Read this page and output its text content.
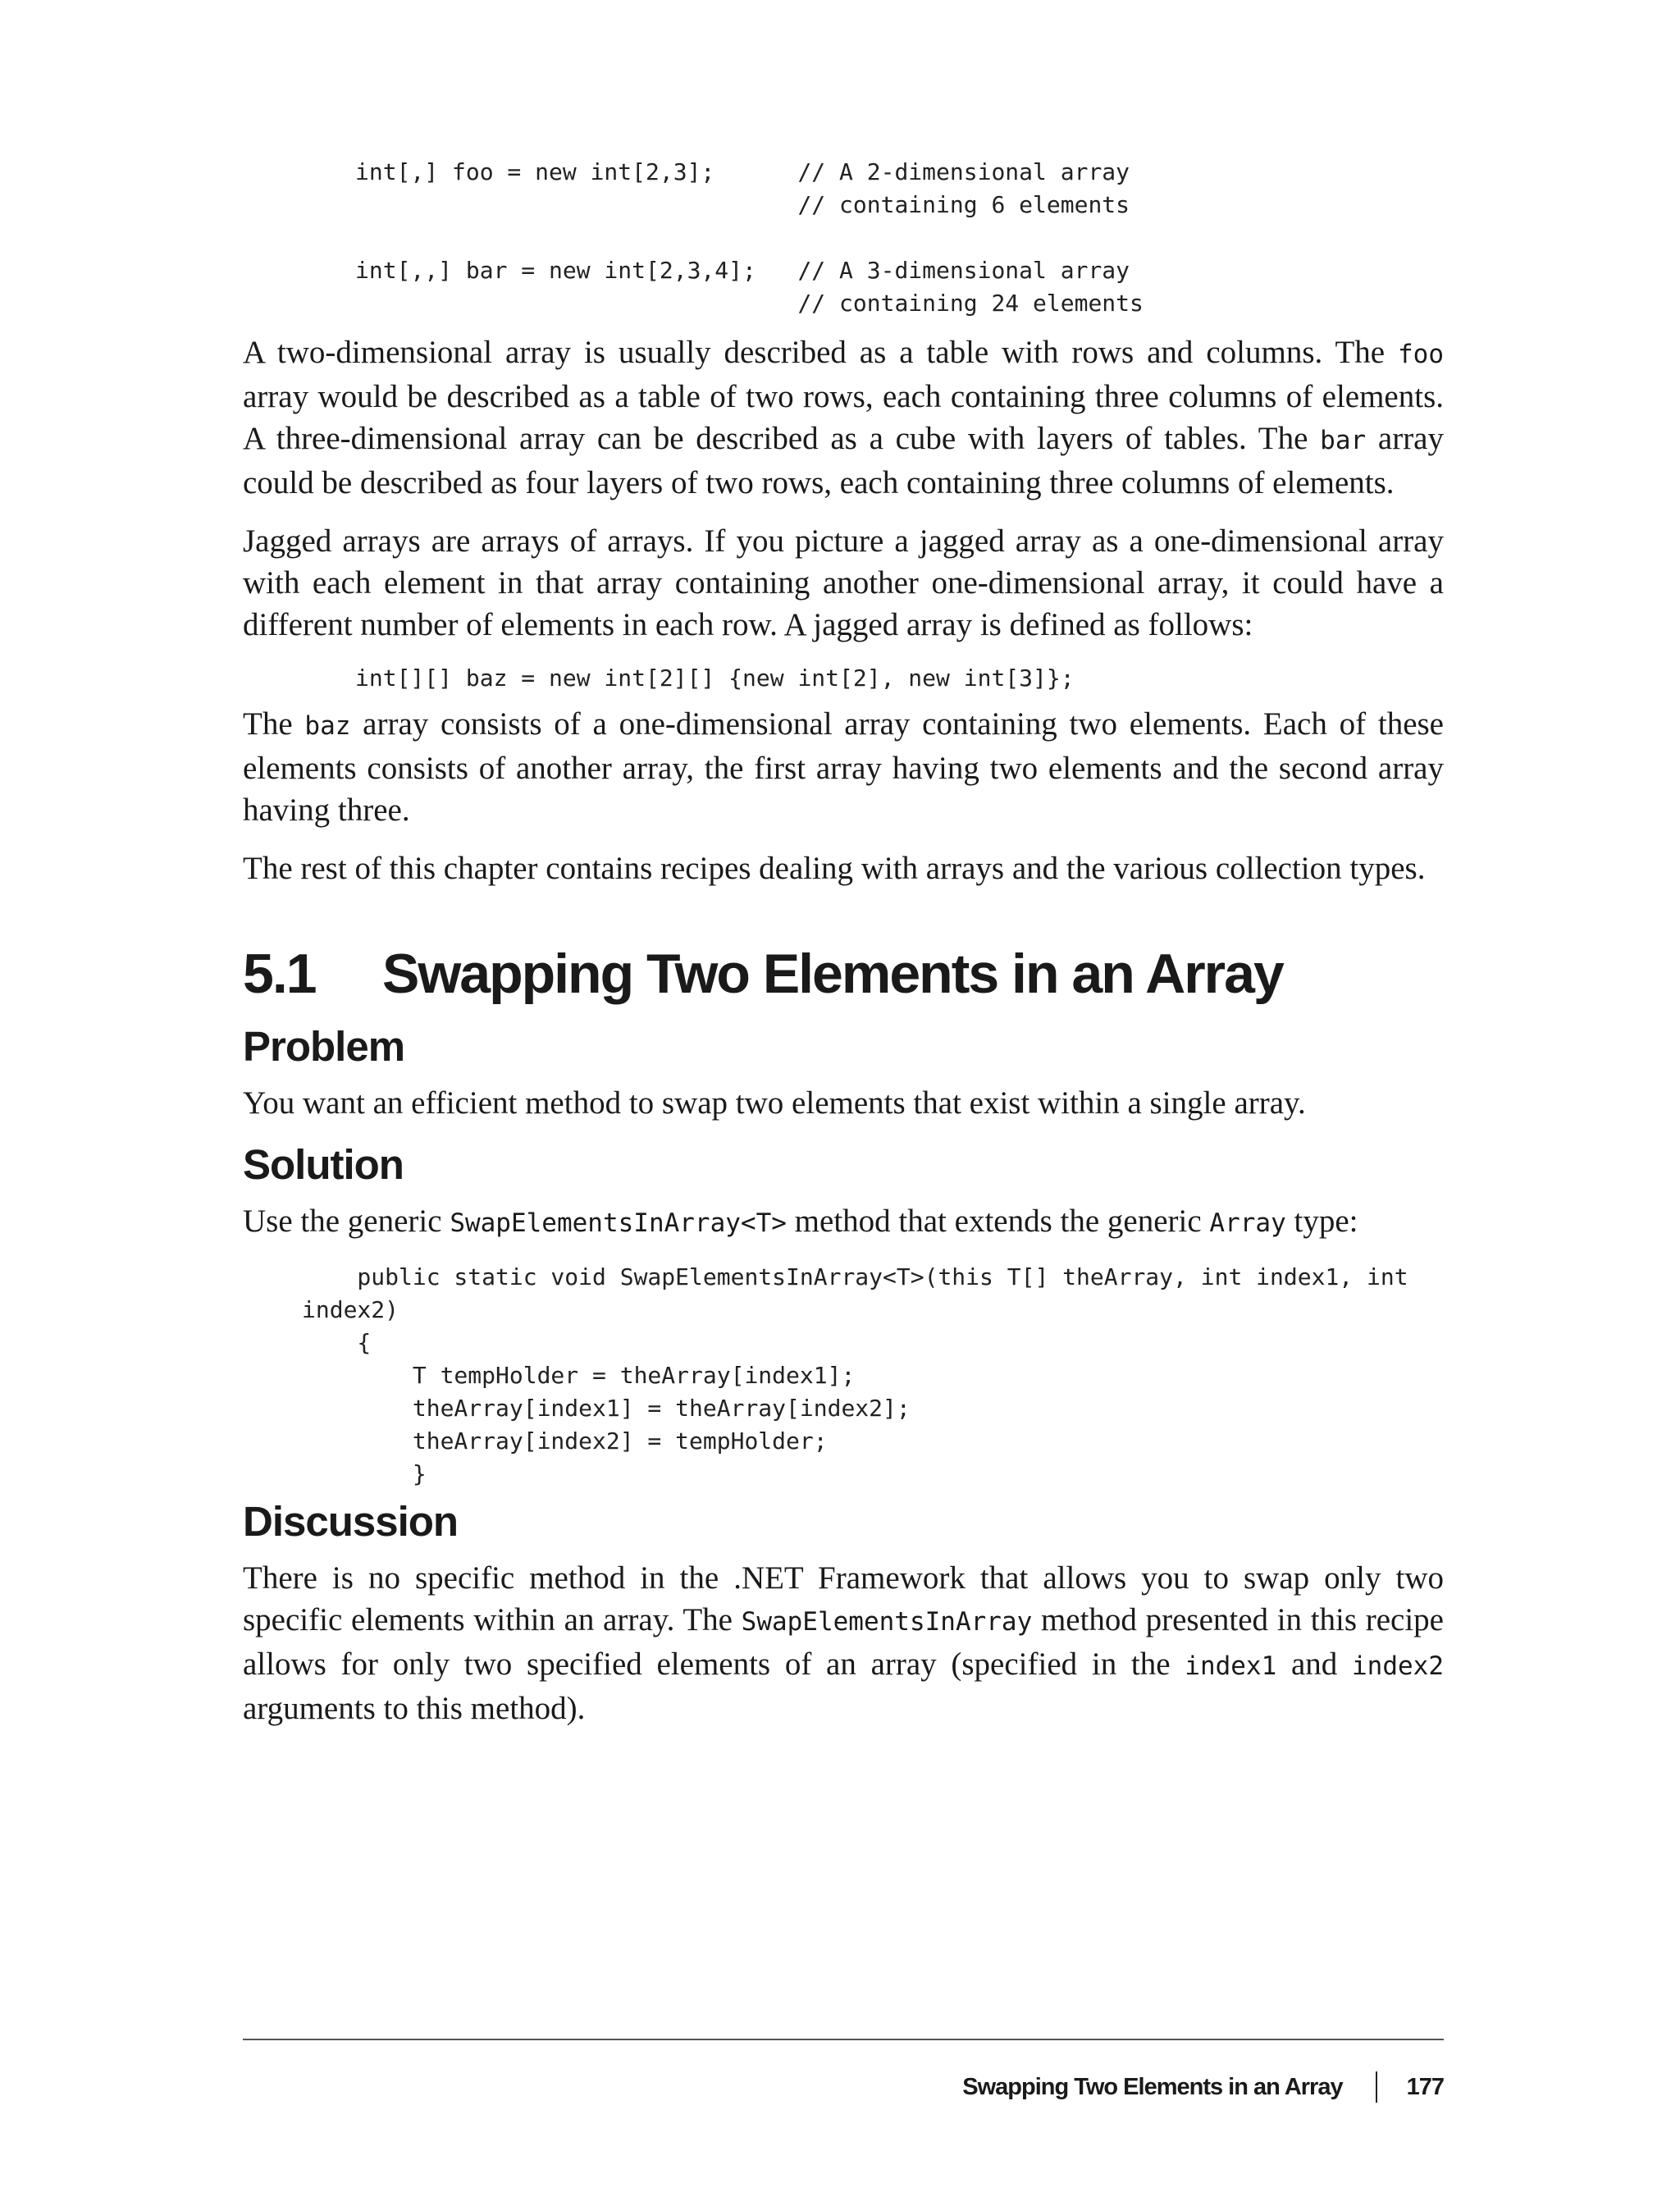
int[,] foo = new int[2,3];      // A 2-dimensional array
// containing 6 elements

int[,,] bar = new int[2,3,4];   // A 3-dimensional array
// containing 24 elements

A two-dimensional array is usually described as a table with rows and columns. The foo array would be described as a table of two rows, each containing three columns of elements. A three-dimensional array can be described as a cube with layers of tables. The bar array could be described as four layers of two rows, each containing three columns of elements.

Jagged arrays are arrays of arrays. If you picture a jagged array as a one-dimensional array with each element in that array containing another one-dimensional array, it could have a different number of elements in each row. A jagged array is defined as follows:

int[][] baz = new int[2][] {new int[2], new int[3]};

The baz array consists of a one-dimensional array containing two elements. Each of these elements consists of another array, the first array having two elements and the second array having three.

The rest of this chapter contains recipes dealing with arrays and the various collection types.

5.1	Swapping Two Elements in an Array
Problem

You want an efficient method to swap two elements that exist within a single array.

Solution

Use the generic SwapElementsInArray<T> method that extends the generic Array type:

public static void SwapElementsInArray<T>(this T[] theArray, int index1, int
index2)
{
T tempHolder = theArray[index1];
theArray[index1] = theArray[index2];
theArray[index2] = tempHolder;
}
Discussion

There is no specific method in the .NET Framework that allows you to swap only two specific elements within an array. The SwapElementsInArray method presented in this recipe allows for only two specified elements of an array (specified in the index1 and index2 arguments to this method).

Swapping Two Elements in an Array	177
